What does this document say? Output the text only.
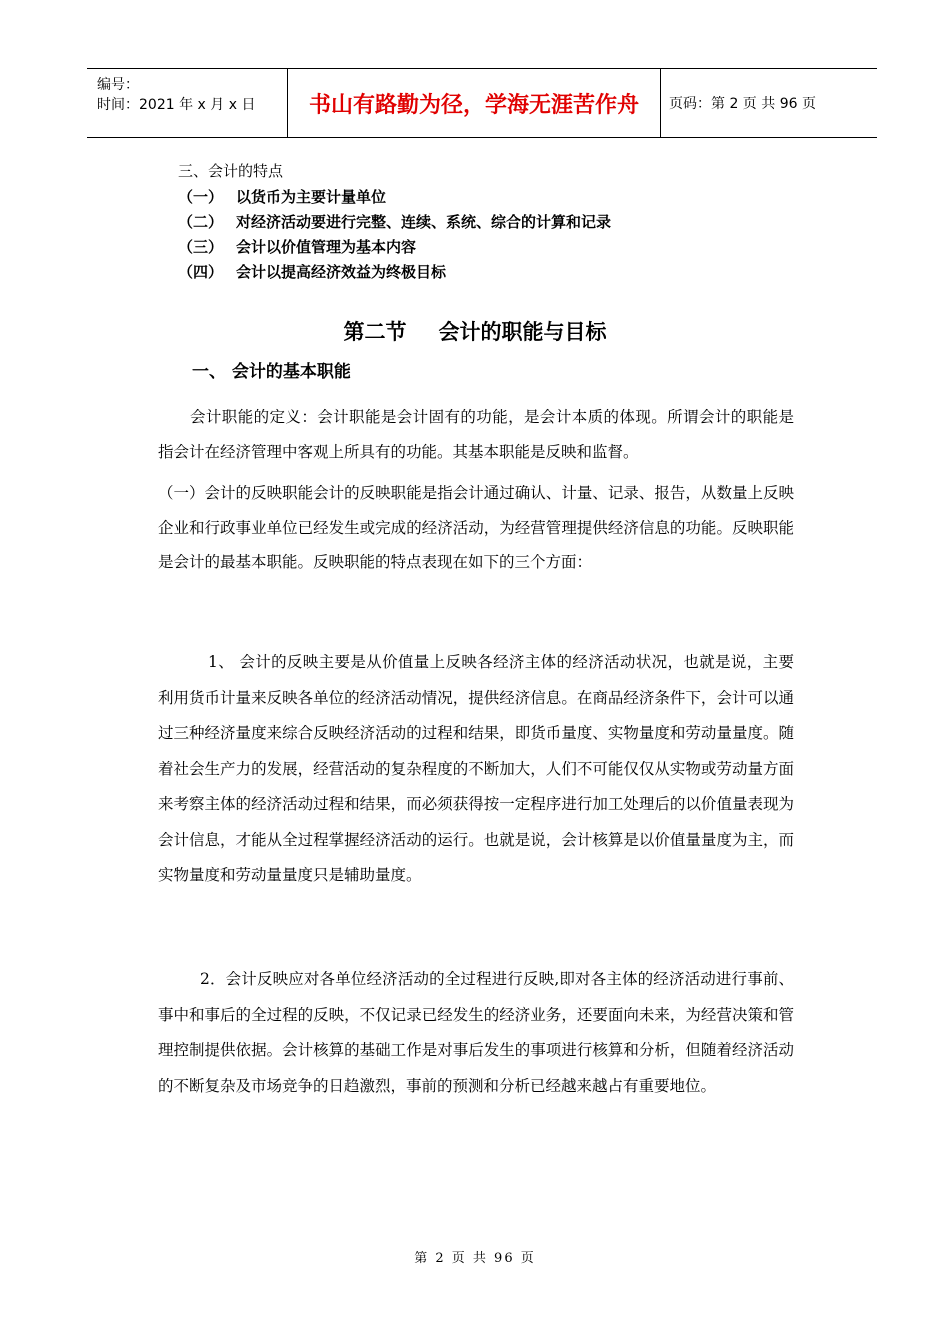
编号：
时间：2021 年 x 月 x 日	书山有路勤为径，学海无涯苦作舟	页码：第 2 页 共 96 页
三、会计的特点
（一） 以货币为主要计量单位
（二） 对经济活动要进行完整、连续、系统、综合的计算和记录
（三） 会计以价值管理为基本内容
（四） 会计以提高经济效益为终极目标
第二节 会计的职能与目标
一、 会计的基本职能
会计职能的定义：会计职能是会计固有的功能，是会计本质的体现。所谓会计的职能是指会计在经济管理中客观上所具有的功能。其基本职能是反映和监督。
（一）会计的反映职能会计的反映职能是指会计通过确认、计量、记录、报告，从数量上反映企业和行政事业单位已经发生或完成的经济活动，为经营管理提供经济信息的功能。反映职能是会计的最基本职能。反映职能的特点表现在如下的三个方面：
1、 会计的反映主要是从价值量上反映各经济主体的经济活动状况，也就是说，主要利用货币计量来反映各单位的经济活动情况，提供经济信息。在商品经济条件下，会计可以通过三种经济量度来综合反映经济活动的过程和结果，即货币量度、实物量度和劳动量量度。随着社会生产力的发展，经营活动的复杂程度的不断加大，人们不可能仅仅从实物或劳动量方面来考察主体的经济活动过程和结果，而必须获得按一定程序进行加工处理后的以价值量表现为会计信息，才能从全过程掌握经济活动的运行。也就是说，会计核算是以价值量量度为主，而实物量度和劳动量量度只是辅助量度。
2．会计反映应对各单位经济活动的全过程进行反映,即对各主体的经济活动进行事前、事中和事后的全过程的反映，不仅记录已经发生的经济业务，还要面向未来，为经营决策和管理控制提供依据。会计核算的基础工作是对事后发生的事项进行核算和分析，但随着经济活动的不断复杂及市场竞争的日趋激烈，事前的预测和分析已经越来越占有重要地位。
第 2 页 共 96 页
